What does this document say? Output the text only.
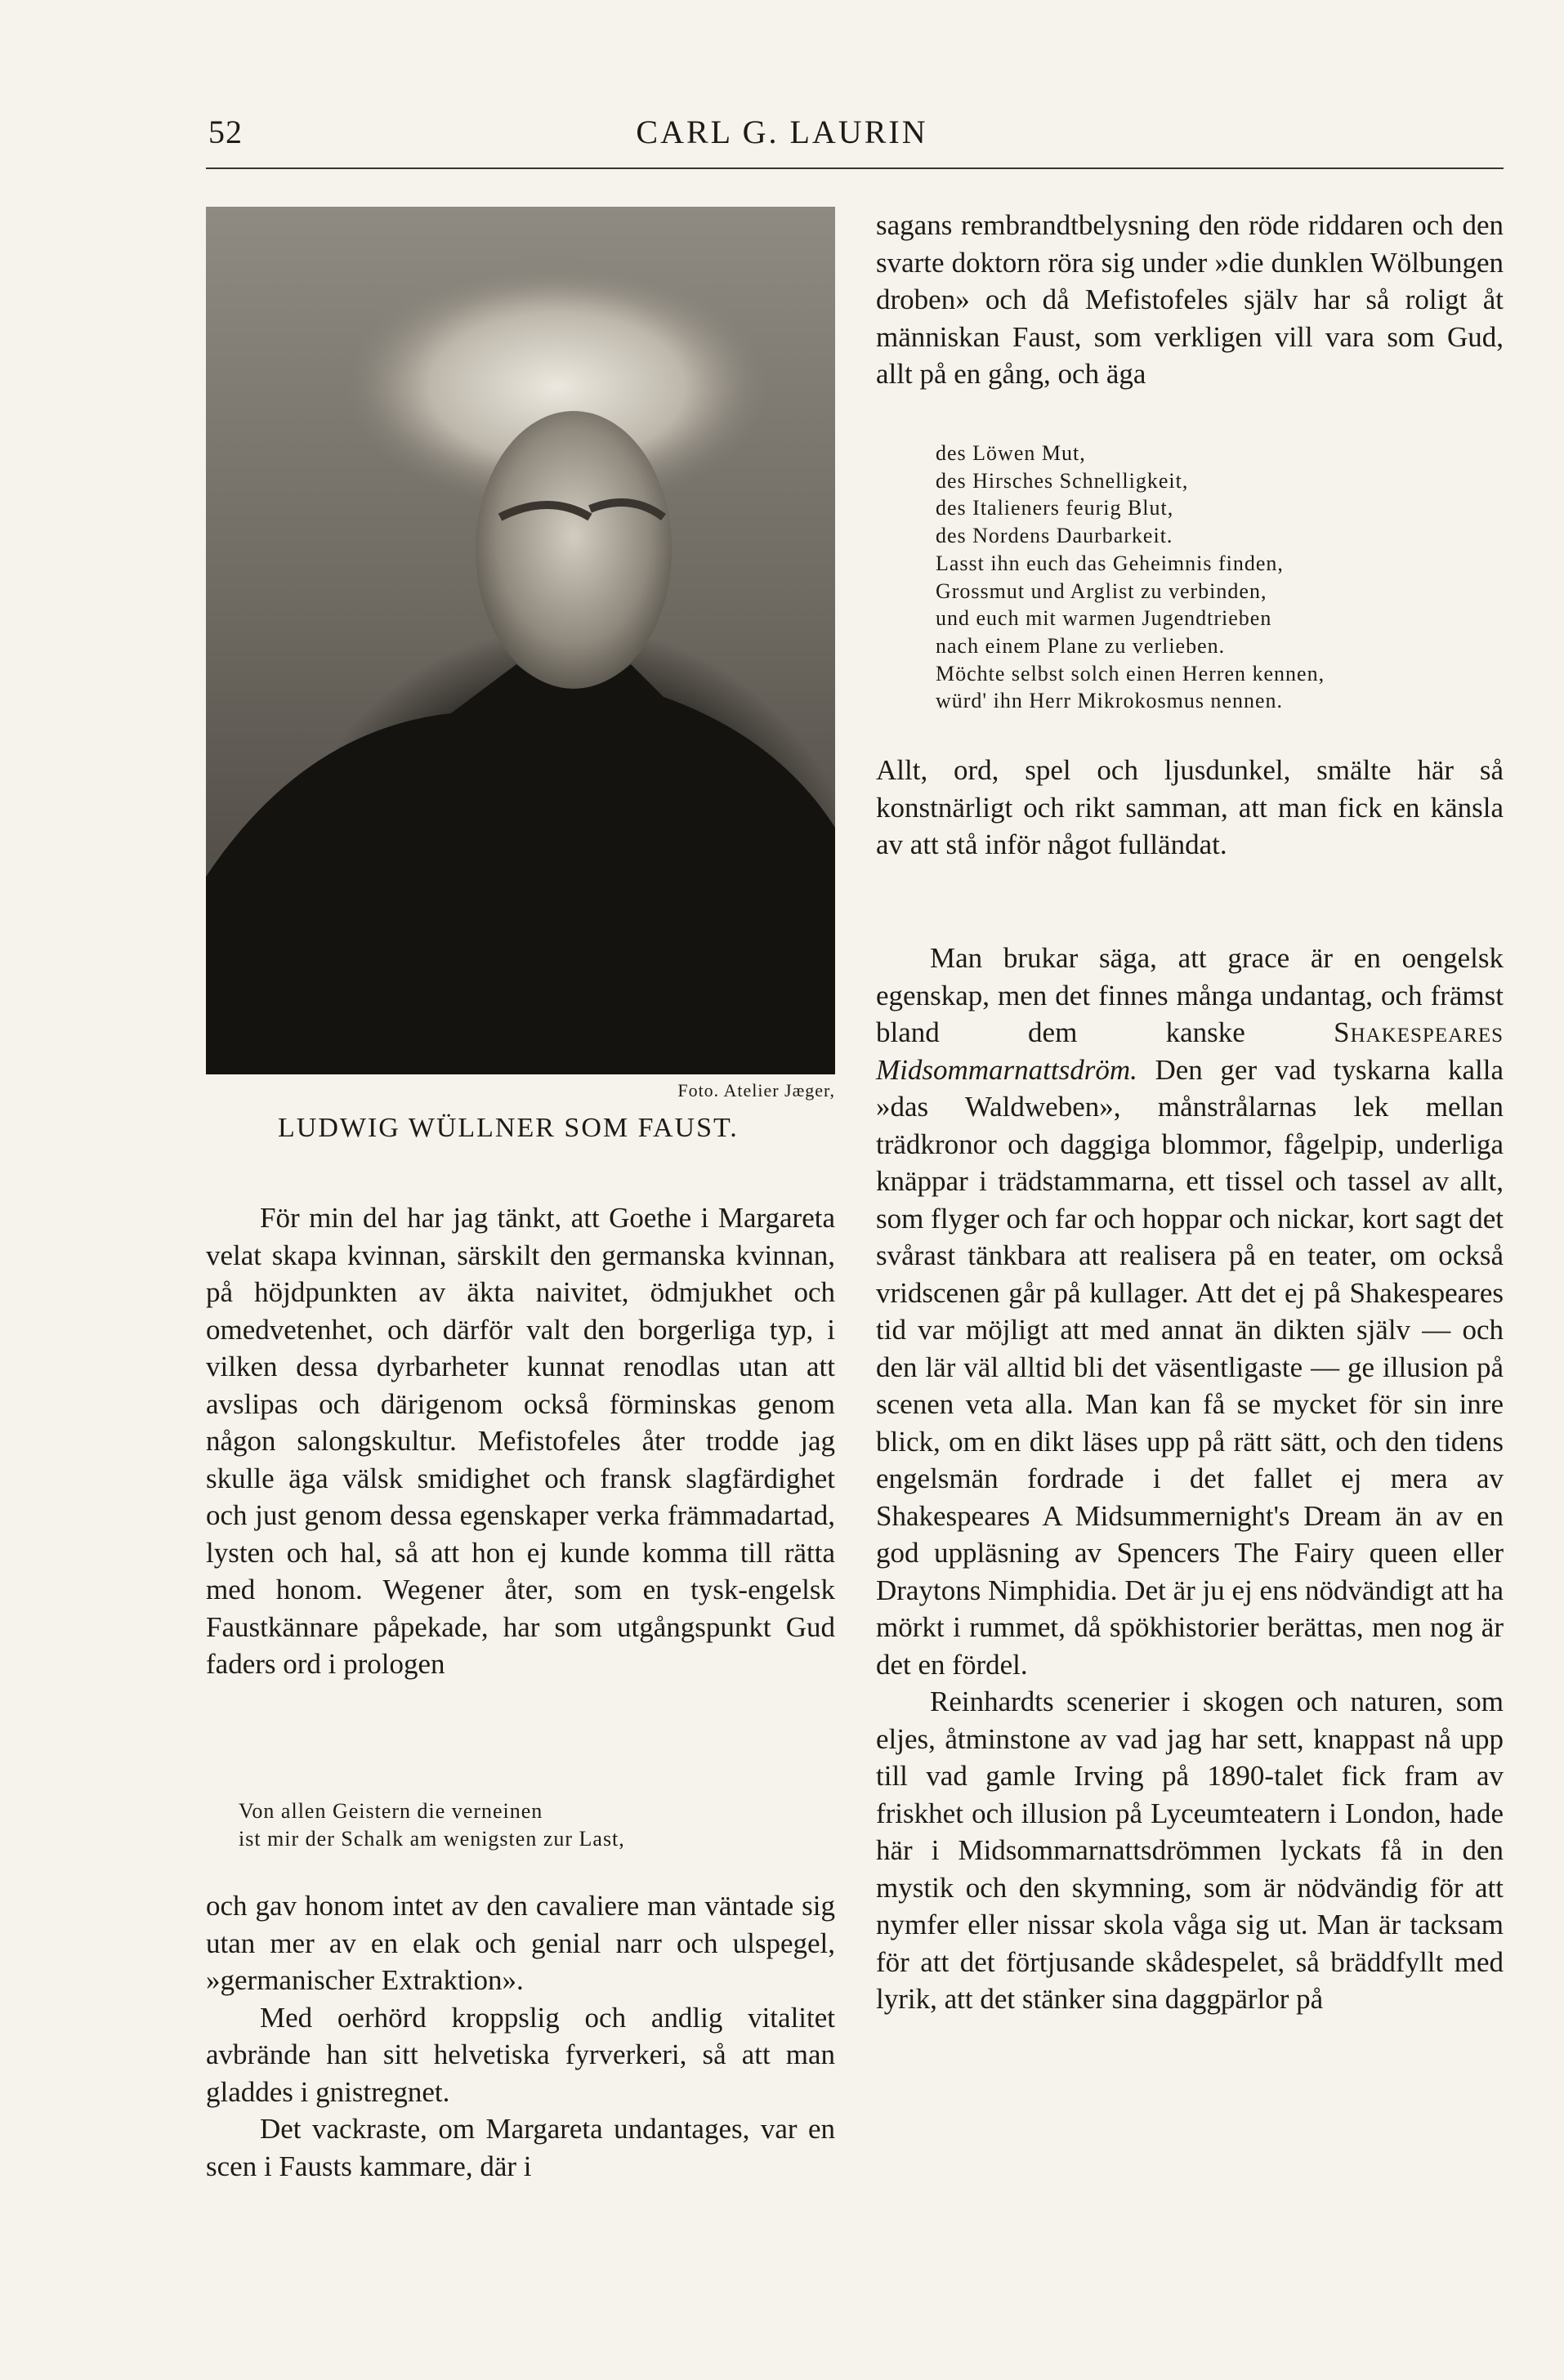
52	CARL G. LAURIN
Foto. Atelier Jæger,
LUDWIG WÜLLNER SOM FAUST.

sagans rembrandtbelysning den röde riddaren och den svarte doktorn röra sig under »die dunklen Wölbungen droben» och då Mefistofeles själv har så roligt åt människan Faust, som verkligen vill vara som Gud, allt på en gång, och äga

des Löwen Mut,
des Hirsches Schnelligkeit,
des Italieners feurig Blut,
des Nordens Daurbarkeit.
Lasst ihn euch das Geheimnis finden,
Grossmut und Arglist zu verbinden,
und euch mit warmen Jugendtrieben
nach einem Plane zu verlieben.
Möchte selbst solch einen Herren kennen,
würd' ihn Herr Mikrokosmus nennen.

Allt, ord, spel och ljusdunkel, smälte här så konstnärligt och rikt samman, att man fick en känsla av att stå inför något fulländat.

Man brukar säga, att grace är en oengelsk egenskap, men det finnes många undantag, och främst bland dem kanske	Shakespeares Midsommarnattsdröm. Den ger vad tyskarna kalla »das Waldweben», månstrålarnas lek mellan trädkronor och daggiga blommor, fågelpip, underliga knäppar i trädstammarna, ett tissel och tassel av allt, som flyger och far och hoppar och nickar, kort sagt det svårast tänkbara att realisera på en teater, om också vridscenen går på kullager. Att det ej på Shakespeares tid var möjligt att med annat än dikten själv — och den lär väl alltid bli det väsentligaste — ge illusion på scenen veta alla. Man kan få se mycket för sin inre blick, om en dikt läses upp på rätt sätt, och den tidens engelsmän fordrade i det fallet ej mera av Shakespeares A Midsummernight's Dream än av en god uppläsning av Spencers The Fairy queen eller Draytons Nimphidia. Det är ju ej ens nödvändigt att ha mörkt i rummet, då spökhistorier berättas, men nog är det en fördel.

Reinhardts scenerier i skogen och naturen, som eljes, åtminstone av vad jag har sett, knappast nå upp till vad gamle Irving på 1890-talet fick fram av friskhet och illusion på Lyceumteatern i London, hade här i Midsommarnattsdrömmen lyckats få in den mystik och den skymning, som är nödvändig för att nymfer eller nissar skola våga sig ut. Man är tacksam för att det förtjusande skådespelet, så bräddfyllt med lyrik, att det stänker sina daggpärlor på

För min del har jag tänkt, att Goethe i Margareta velat skapa kvinnan, särskilt den germanska kvinnan, på höjdpunkten av äkta naivitet, ödmjukhet och omedvetenhet, och därför valt den borgerliga typ, i vilken dessa dyrbarheter kunnat renodlas utan att avslipas och därigenom också förminskas genom någon salongskultur. Mefistofeles åter trodde jag skulle äga välsk smidighet och fransk slagfärdighet och just genom dessa egenskaper verka främmadartad, lysten och hal, så att hon ej kunde komma till rätta med honom. Wegener åter, som en tysk-engelsk Faustkännare påpekade, har som utgångspunkt Gud faders ord i prologen

Von allen Geistern die verneinen
ist mir der Schalk am wenigsten zur Last,

och gav honom intet av den cavaliere man väntade sig utan mer av en elak och genial narr och ulspegel, »germanischer Extraktion».

Med oerhörd kroppslig och andlig vitalitet avbrände han sitt helvetiska fyrverkeri, så att man gladdes i gnistregnet.

Det vackraste, om Margareta undantages, var en scen i Fausts kammare, där i
